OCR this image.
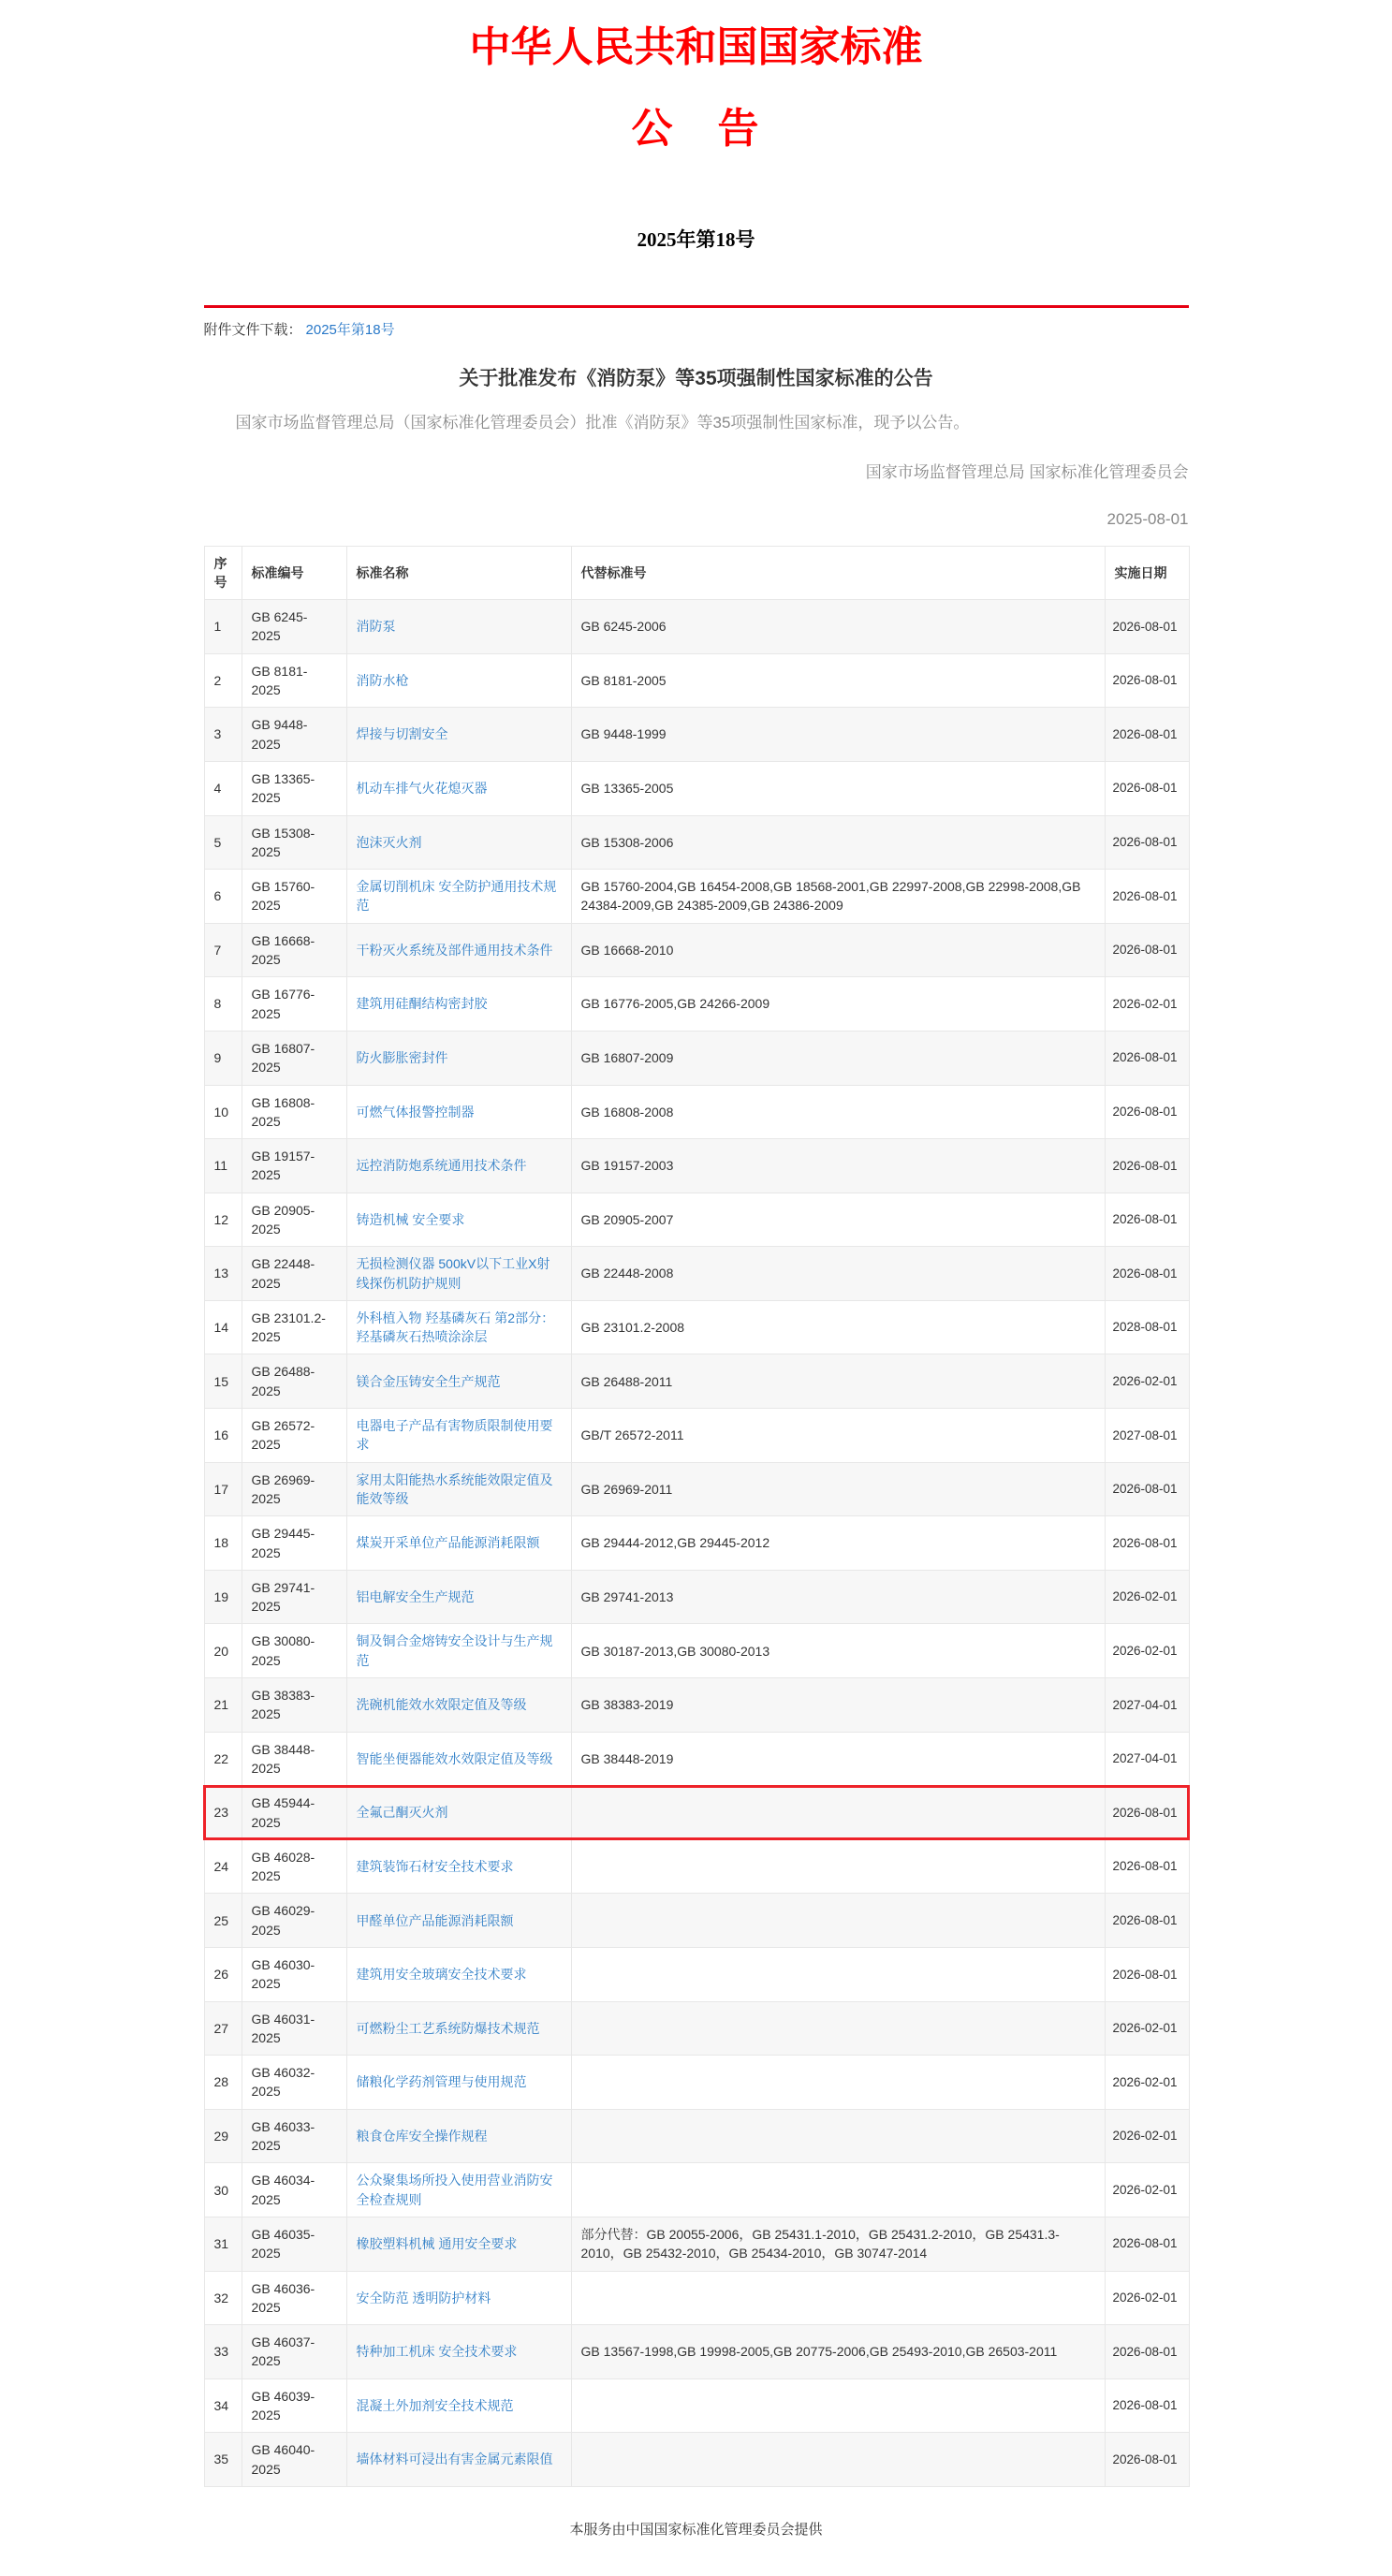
中华人民共和国国家标准
公　告
2025年第18号
附件文件下载： 2025年第18号
关于批准发布《消防泵》等35项强制性国家标准的公告
国家市场监督管理总局（国家标准化管理委员会）批准《消防泵》等35项强制性国家标准，现予以公告。
国家市场监督管理总局 国家标准化管理委员会
2025-08-01
序号	标准编号	标准名称	代替标准号	实施日期
1	GB 6245-2025	消防泵	GB 6245-2006	2026-08-01
2	GB 8181-2025	消防水枪	GB 8181-2005	2026-08-01
3	GB 9448-2025	焊接与切割安全	GB 9448-1999	2026-08-01
4	GB 13365-2025	机动车排气火花熄灭器	GB 13365-2005	2026-08-01
5	GB 15308-2025	泡沫灭火剂	GB 15308-2006	2026-08-01
6	GB 15760-2025	金属切削机床 安全防护通用技术规范	GB 15760-2004,GB 16454-2008,GB 18568-2001,GB 22997-2008,GB 22998-2008,GB 24384-2009,GB 24385-2009,GB 24386-2009	2026-08-01
7	GB 16668-2025	干粉灭火系统及部件通用技术条件	GB 16668-2010	2026-08-01
8	GB 16776-2025	建筑用硅酮结构密封胶	GB 16776-2005,GB 24266-2009	2026-02-01
9	GB 16807-2025	防火膨胀密封件	GB 16807-2009	2026-08-01
10	GB 16808-2025	可燃气体报警控制器	GB 16808-2008	2026-08-01
11	GB 19157-2025	远控消防炮系统通用技术条件	GB 19157-2003	2026-08-01
12	GB 20905-2025	铸造机械 安全要求	GB 20905-2007	2026-08-01
13	GB 22448-2025	无损检测仪器 500kV以下工业X射线探伤机防护规则	GB 22448-2008	2026-08-01
14	GB 23101.2-2025	外科植入物 羟基磷灰石 第2部分：羟基磷灰石热喷涂涂层	GB 23101.2-2008	2028-08-01
15	GB 26488-2025	镁合金压铸安全生产规范	GB 26488-2011	2026-02-01
16	GB 26572-2025	电器电子产品有害物质限制使用要求	GB/T 26572-2011	2027-08-01
17	GB 26969-2025	家用太阳能热水系统能效限定值及能效等级	GB 26969-2011	2026-08-01
18	GB 29445-2025	煤炭开采单位产品能源消耗限额	GB 29444-2012,GB 29445-2012	2026-08-01
19	GB 29741-2025	铝电解安全生产规范	GB 29741-2013	2026-02-01
20	GB 30080-2025	铜及铜合金熔铸安全设计与生产规范	GB 30187-2013,GB 30080-2013	2026-02-01
21	GB 38383-2025	洗碗机能效水效限定值及等级	GB 38383-2019	2027-04-01
22	GB 38448-2025	智能坐便器能效水效限定值及等级	GB 38448-2019	2027-04-01
23	GB 45944-2025	全氟己酮灭火剂		2026-08-01
24	GB 46028-2025	建筑装饰石材安全技术要求		2026-08-01
25	GB 46029-2025	甲醛单位产品能源消耗限额		2026-08-01
26	GB 46030-2025	建筑用安全玻璃安全技术要求		2026-08-01
27	GB 46031-2025	可燃粉尘工艺系统防爆技术规范		2026-02-01
28	GB 46032-2025	储粮化学药剂管理与使用规范		2026-02-01
29	GB 46033-2025	粮食仓库安全操作规程		2026-02-01
30	GB 46034-2025	公众聚集场所投入使用营业消防安全检查规则		2026-02-01
31	GB 46035-2025	橡胶塑料机械 通用安全要求	部分代替：GB 20055-2006，GB 25431.1-2010，GB 25431.2-2010，GB 25431.3-2010，GB 25432-2010，GB 25434-2010，GB 30747-2014	2026-08-01
32	GB 46036-2025	安全防范 透明防护材料		2026-02-01
33	GB 46037-2025	特种加工机床 安全技术要求	GB 13567-1998,GB 19998-2005,GB 20775-2006,GB 25493-2010,GB 26503-2011	2026-08-01
34	GB 46039-2025	混凝土外加剂安全技术规范		2026-08-01
35	GB 46040-2025	墙体材料可浸出有害金属元素限值		2026-08-01
本服务由中国国家标准化管理委员会提供
